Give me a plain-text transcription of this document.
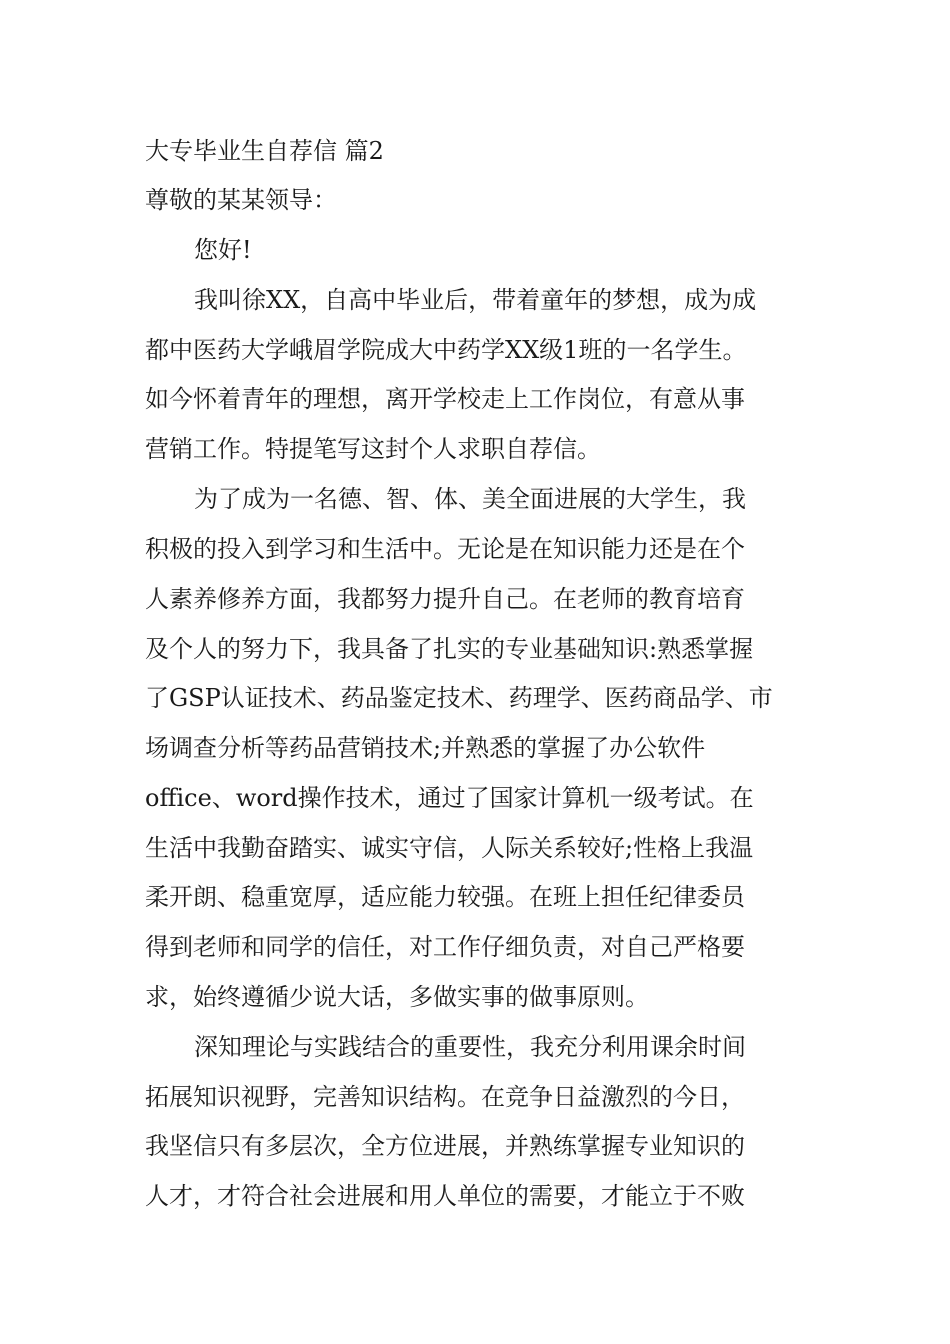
大专毕业生自荐信 篇2
尊敬的某某领导：
您好!
我叫徐XX，自高中毕业后，带着童年的梦想，成为成
都中医药大学峨眉学院成大中药学XX级1班的一名学生。
如今怀着青年的理想，离开学校走上工作岗位，有意从事
营销工作。特提笔写这封个人求职自荐信。
为了成为一名德、智、体、美全面进展的大学生，我
积极的投入到学习和生活中。无论是在知识能力还是在个
人素养修养方面，我都努力提升自己。在老师的教育培育
及个人的努力下，我具备了扎实的专业基础知识:熟悉掌握
了GSP认证技术、药品鉴定技术、药理学、医药商品学、市
场调查分析等药品营销技术;并熟悉的掌握了办公软件
office、word操作技术，通过了国家计算机一级考试。在
生活中我勤奋踏实、诚实守信，人际关系较好;性格上我温
柔开朗、稳重宽厚，适应能力较强。在班上担任纪律委员
得到老师和同学的信任，对工作仔细负责，对自己严格要
求，始终遵循少说大话，多做实事的做事原则。
深知理论与实践结合的重要性，我充分利用课余时间
拓展知识视野，完善知识结构。在竞争日益激烈的今日，
我坚信只有多层次，全方位进展，并熟练掌握专业知识的
人才，才符合社会进展和用人单位的需要，才能立于不败
